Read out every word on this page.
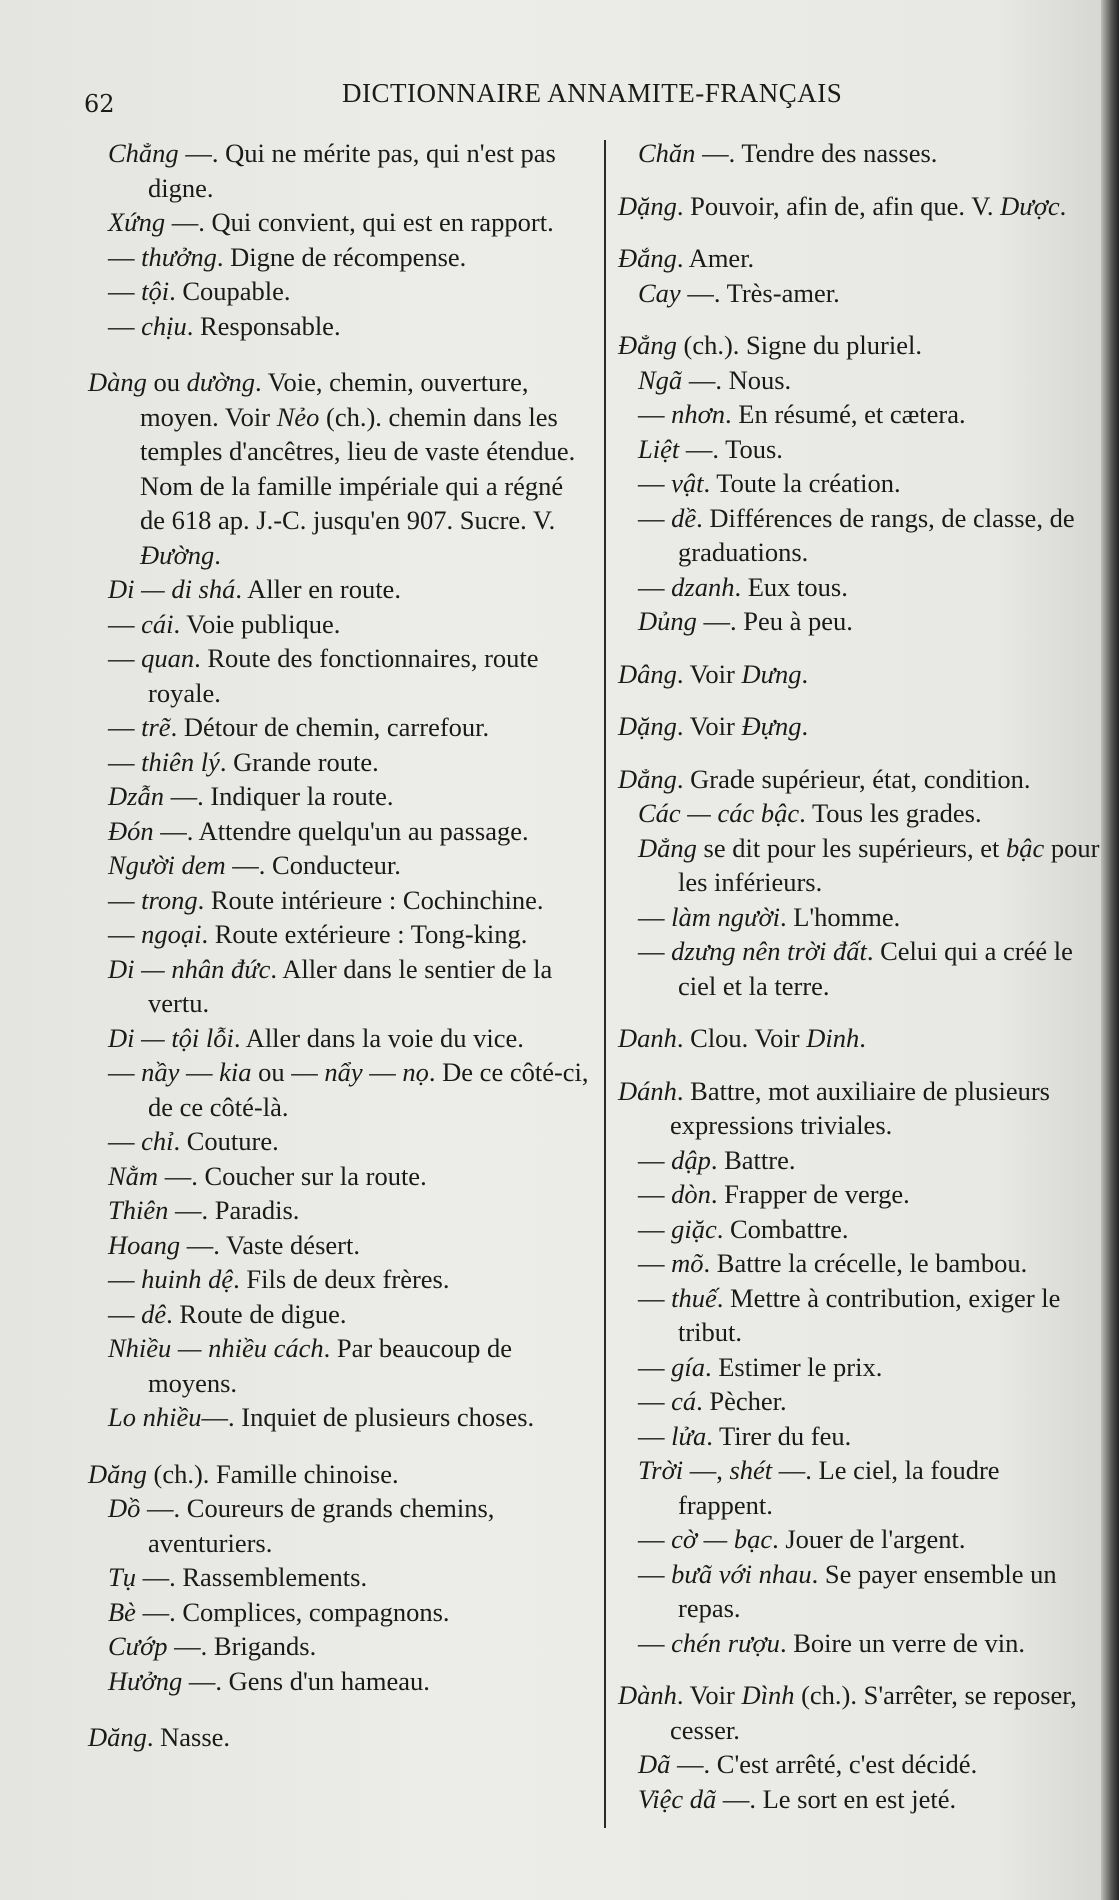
62	DICTIONNAIRE ANNAMITE-FRANÇAIS
Chẳng —. Qui ne mérite pas, qui n'est pas digne.
Xứng —. Qui convient, qui est en rapport.
— thưởng. Digne de récompense.
— tội. Coupable.
— chịu. Responsable.
Dàng ou dường. Voie, chemin, ouverture, moyen. Voir Nẻo (ch.). chemin dans les temples d'ancêtres, lieu de vaste étendue. Nom de la famille impériale qui a régné de 618 ap. J.-C. jusqu'en 907. Sucre. V. Đường.
Di — di shá. Aller en route.
— cái. Voie publique.
— quan. Route des fonctionnaires, route royale.
— trẽ. Détour de chemin, carrefour.
— thiên lý. Grande route.
Dzẫn —. Indiquer la route.
Đón —. Attendre quelqu'un au passage.
Người dem —. Conducteur.
— trong. Route intérieure : Cochinchine.
— ngoại. Route extérieure : Tong-king.
Di — nhân đức. Aller dans le sentier de la vertu.
Di — tội lỗi. Aller dans la voie du vice.
— nầy — kia ou — nẩy — nọ. De ce côté-ci, de ce côté-là.
— chỉ. Couture.
Nằm —. Coucher sur la route.
Thiên —. Paradis.
Hoang —. Vaste désert.
— huinh dệ. Fils de deux frères.
— dê. Route de digue.
Nhiều — nhiều cách. Par beaucoup de moyens.
Lo nhiều—. Inquiet de plusieurs choses.
Dăng (ch.). Famille chinoise.
Dồ —. Coureurs de grands chemins, aventuriers.
Tụ —. Rassemblements.
Bè —. Complices, compagnons.
Cướp —. Brigands.
Hưởng —. Gens d'un hameau.
Dăng. Nasse.
Chăn —. Tendre des nasses.
Dặng. Pouvoir, afin de, afin que. V. Dược.
Đắng. Amer.
Cay —. Très-amer.
Đẳng (ch.). Signe du pluriel.
Ngã —. Nous.
— nhơn. En résumé, et cætera.
Liệt —. Tous.
— vật. Toute la création.
— dề. Différences de rangs, de classe, de graduations.
— dzanh. Eux tous.
Dủng —. Peu à peu.
Dâng. Voir Dưng.
Dặng. Voir Đựng.
Dẳng. Grade supérieur, état, condition.
Các — các bậc. Tous les grades.
Dẳng se dit pour les supérieurs, et bậc pour les inférieurs.
— làm người. L'homme.
— dzưng nên trời đất. Celui qui a créé le ciel et la terre.
Danh. Clou. Voir Dinh.
Dánh. Battre, mot auxiliaire de plusieurs expressions triviales.
— dập. Battre.
— dòn. Frapper de verge.
— giặc. Combattre.
— mõ. Battre la crécelle, le bambou.
— thuế. Mettre à contribution, exiger le tribut.
— gía. Estimer le prix.
— cá. Pècher.
— lửa. Tirer du feu.
Trời —, shét —. Le ciel, la foudre frappent.
— cờ — bạc. Jouer de l'argent.
— bưã với nhau. Se payer ensemble un repas.
— chén rượu. Boire un verre de vin.
Dành. Voir Dình (ch.). S'arrêter, se reposer, cesser.
Dã —. C'est arrêté, c'est décidé.
Việc dã —. Le sort en est jeté.
